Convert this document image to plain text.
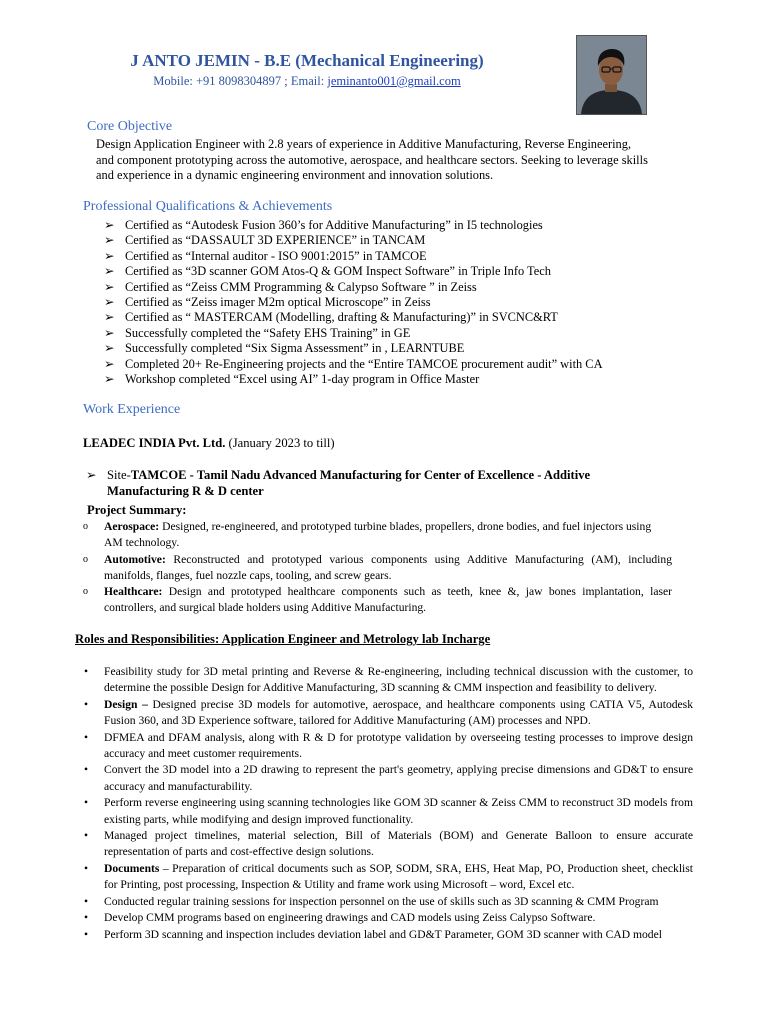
J ANTO JEMIN - B.E (Mechanical Engineering)
Mobile: +91 8098304897 ; Email: jeminanto001@gmail.com
Core Objective
Design Application Engineer with 2.8 years of experience in Additive Manufacturing, Reverse Engineering,
and component prototyping across the automotive, aerospace, and healthcare sectors. Seeking to leverage skills
and experience in a dynamic engineering environment and innovation solutions.
Professional Qualifications & Achievements
➢ Certified as “Autodesk Fusion 360’s for Additive Manufacturing” in I5 technologies
➢ Certified as “DASSAULT 3D EXPERIENCE” in TANCAM
➢ Certified as “Internal auditor - ISO 9001:2015” in TAMCOE
➢ Certified as “3D scanner GOM Atos-Q & GOM Inspect Software” in Triple Info Tech
➢ Certified as “Zeiss CMM Programming & Calypso Software ” in Zeiss
➢ Certified as “Zeiss imager M2m optical Microscope” in Zeiss
➢ Certified as “ MASTERCAM (Modelling, drafting & Manufacturing)” in SVCNC&RT
➢ Successfully completed the “Safety EHS Training” in GE
➢ Successfully completed “Six Sigma Assessment” in , LEARNTUBE
➢ Completed 20+ Re-Engineering projects and the “Entire TAMCOE procurement audit” with CA
➢ Workshop completed “Excel using AI” 1-day program in Office Master
Work Experience
LEADEC INDIA Pvt. Ltd. (January 2023 to till)
➢ Site-TAMCOE - Tamil Nadu Advanced Manufacturing for Center of Excellence - Additive
Manufacturing R & D center
Project Summary:
o Aerospace: Designed, re-engineered, and prototyped turbine blades, propellers, drone bodies, and fuel injectors using AM technology.
o Automotive: Reconstructed and prototyped various components using Additive Manufacturing (AM), including manifolds, flanges, fuel nozzle caps, tooling, and screw gears.
o Healthcare: Design and prototyped healthcare components such as teeth, knee &, jaw bones implantation, laser controllers, and surgical blade holders using Additive Manufacturing.
Roles and Responsibilities: Application Engineer and Metrology lab Incharge
• Feasibility study for 3D metal printing and Reverse & Re-engineering, including technical discussion with the customer, to determine the possible Design for Additive Manufacturing, 3D scanning & CMM inspection and feasibility to delivery.
• Design – Designed precise 3D models for automotive, aerospace, and healthcare components using CATIA V5, Autodesk Fusion 360, and 3D Experience software, tailored for Additive Manufacturing (AM) processes and NPD.
• DFMEA and DFAM analysis, along with R & D for prototype validation by overseeing testing processes to improve design accuracy and meet customer requirements.
• Convert the 3D model into a 2D drawing to represent the part's geometry, applying precise dimensions and GD&T to ensure accuracy and manufacturability.
• Perform reverse engineering using scanning technologies like GOM 3D scanner & Zeiss CMM to reconstruct 3D models from existing parts, while modifying and design improved functionality.
• Managed project timelines, material selection, Bill of Materials (BOM) and Generate Balloon to ensure accurate representation of parts and cost-effective design solutions.
• Documents – Preparation of critical documents such as SOP, SODM, SRA, EHS, Heat Map, PO, Production sheet, checklist for Printing, post processing, Inspection & Utility and frame work using Microsoft – word, Excel etc.
• Conducted regular training sessions for inspection personnel on the use of skills such as 3D scanning & CMM Program
• Develop CMM programs based on engineering drawings and CAD models using Zeiss Calypso Software.
• Perform 3D scanning and inspection includes deviation label and GD&T Parameter, GOM 3D scanner with CAD model
